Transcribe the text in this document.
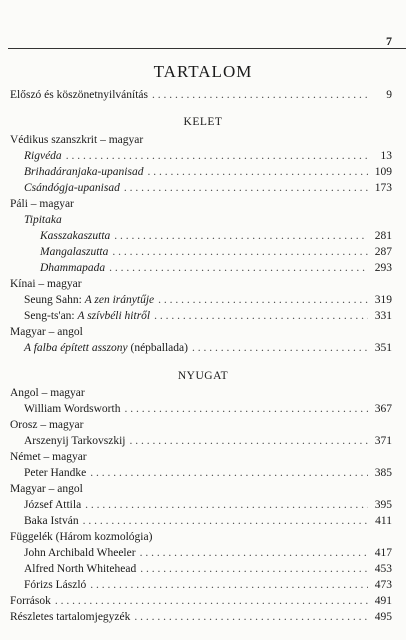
7
TARTALOM
Előszó és köszönetnyilvánítás . . .	9
KELET
Védikus szanszkrit – magyar
Rigvéda . . .	13
Brihadáranjaka-upanisad . . .	109
Csándógja-upanisad . . .	173
Páli – magyar
Tipitaka
Kasszakaszutta . . .	281
Mangalaszutta . . .	287
Dhammapada . . .	293
Kínai – magyar
Seung Sahn: A zen iránytűje . . .	319
Seng-ts'an: A szívbéli hitről . . .	331
Magyar – angol
A falba épített asszony (népballada) . . .	351
NYUGAT
Angol – magyar
William Wordsworth . . .	367
Orosz – magyar
Arszenyij Tarkovszkij . . .	371
Német – magyar
Peter Handke . . .	385
Magyar – angol
József Attila . . .	395
Baka István . . .	411
Függelék (Három kozmológia)
John Archibald Wheeler . . .	417
Alfred North Whitehead . . .	453
Fórizs László . . .	473
Források . . .	491
Részletes tartalomjegyzék . . .	495
